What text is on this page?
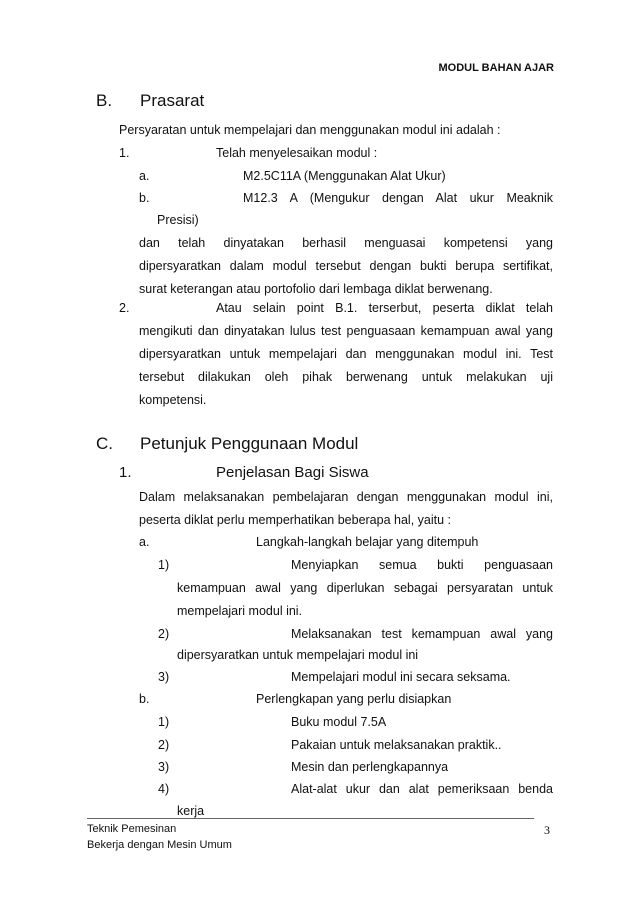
MODUL BAHAN AJAR
B. Prasarat
Persyaratan untuk mempelajari dan menggunakan modul ini adalah :
1.	Telah menyelesaikan modul :
a.	M2.5C11A (Menggunakan Alat Ukur)
b.	M12.3 A (Mengukur dengan Alat ukur Meaknik
Presisi)
dan telah dinyatakan berhasil menguasai kompetensi yang
dipersyaratkan dalam modul tersebut dengan bukti berupa sertifikat,
surat keterangan atau portofolio dari lembaga diklat berwenang.
2.	Atau selain point B.1. terserbut, peserta diklat telah
mengikuti dan dinyatakan lulus test penguasaan kemampuan awal yang
dipersyaratkan untuk mempelajari dan menggunakan modul ini. Test
tersebut dilakukan oleh pihak berwenang untuk melakukan uji
kompetensi.
C. Petunjuk Penggunaan Modul
1.	Penjelasan Bagi Siswa
Dalam melaksanakan pembelajaran dengan menggunakan modul ini,
peserta diklat perlu memperhatikan beberapa hal, yaitu :
a.	Langkah-langkah belajar yang ditempuh
1)	Menyiapkan semua bukti penguasaan
kemampuan awal yang diperlukan sebagai persyaratan untuk
mempelajari modul ini.
2)	Melaksanakan test kemampuan awal yang
dipersyaratkan untuk mempelajari modul ini
3)	Mempelajari modul ini secara seksama.
b.	Perlengkapan yang perlu disiapkan
1)	Buku modul 7.5A
2)	Pakaian untuk melaksanakan praktik..
3)	Mesin dan perlengkapannya
4)	Alat-alat ukur dan alat pemeriksaan benda
kerja
Teknik Pemesinan
Bekerja dengan Mesin Umum
3
